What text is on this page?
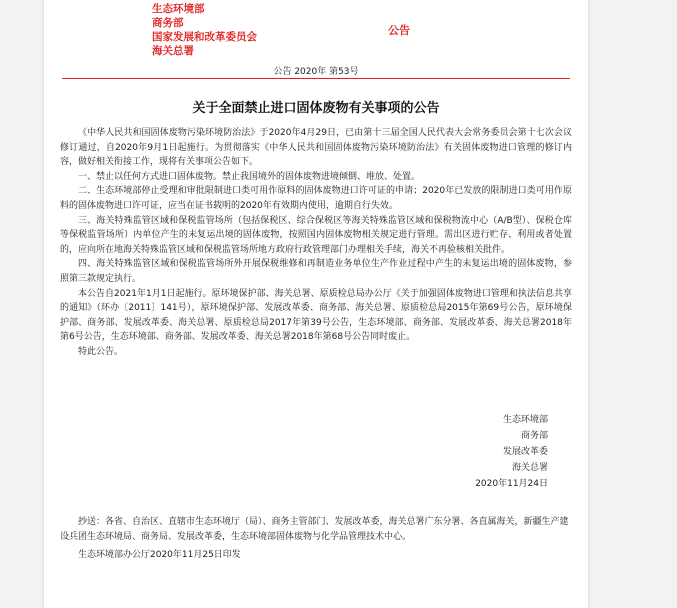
生态环境部
商务部
国家发展和改革委员会
海关总署
公告
公告 2020年 第53号
关于全面禁止进口固体废物有关事项的公告

《中华人民共和国固体废物污染环境防治法》于2020年4月29日，已由第十三届全国人民代表大会常务委员会第十七次会议修订通过，自2020年9月1日起施行。为贯彻落实《中华人民共和国固体废物污染环境防治法》有关固体废物进口管理的修订内容，做好相关衔接工作，现将有关事项公告如下。

一、禁止以任何方式进口固体废物。禁止我国境外的固体废物进境倾倒、堆放、处置。

二、生态环境部停止受理和审批限制进口类可用作原料的固体废物进口许可证的申请；2020年已发放的限制进口类可用作原料的固体废物进口许可证，应当在证书载明的2020年有效期内使用，逾期自行失效。

三、海关特殊监管区域和保税监管场所（包括保税区、综合保税区等海关特殊监管区域和保税物流中心（A/B型）、保税仓库等保税监管场所）内单位产生的未复运出境的固体废物，按照国内固体废物相关规定进行管理。需出区进行贮存、利用或者处置的，应向所在地海关特殊监管区域和保税监管场所地方政府行政管理部门办理相关手续，海关不再验核相关批件。

四、海关特殊监管区域和保税监管场所外开展保税维修和再制造业务单位生产作业过程中产生的未复运出境的固体废物，参照第三款规定执行。

本公告自2021年1月1日起施行。原环境保护部、海关总署、原质检总局办公厅《关于加强固体废物进口管理和执法信息共享的通知》（环办〔2011〕141号），原环境保护部、发展改革委、商务部、海关总署、原质检总局2015年第69号公告，原环境保护部、商务部、发展改革委、海关总署、原质检总局2017年第39号公告，生态环境部、商务部、发展改革委、海关总署2018年第6号公告，生态环境部、商务部、发展改革委、海关总署2018年第68号公告同时废止。

特此公告。

生态环境部
商务部
发展改革委
海关总署
2020年11月24日

抄送：各省、自治区、直辖市生态环境厅（局）、商务主管部门、发展改革委，海关总署广东分署、各直属海关，新疆生产建设兵团生态环境局、商务局、发展改革委，生态环境部固体废物与化学品管理技术中心。

生态环境部办公厅2020年11月25日印发
